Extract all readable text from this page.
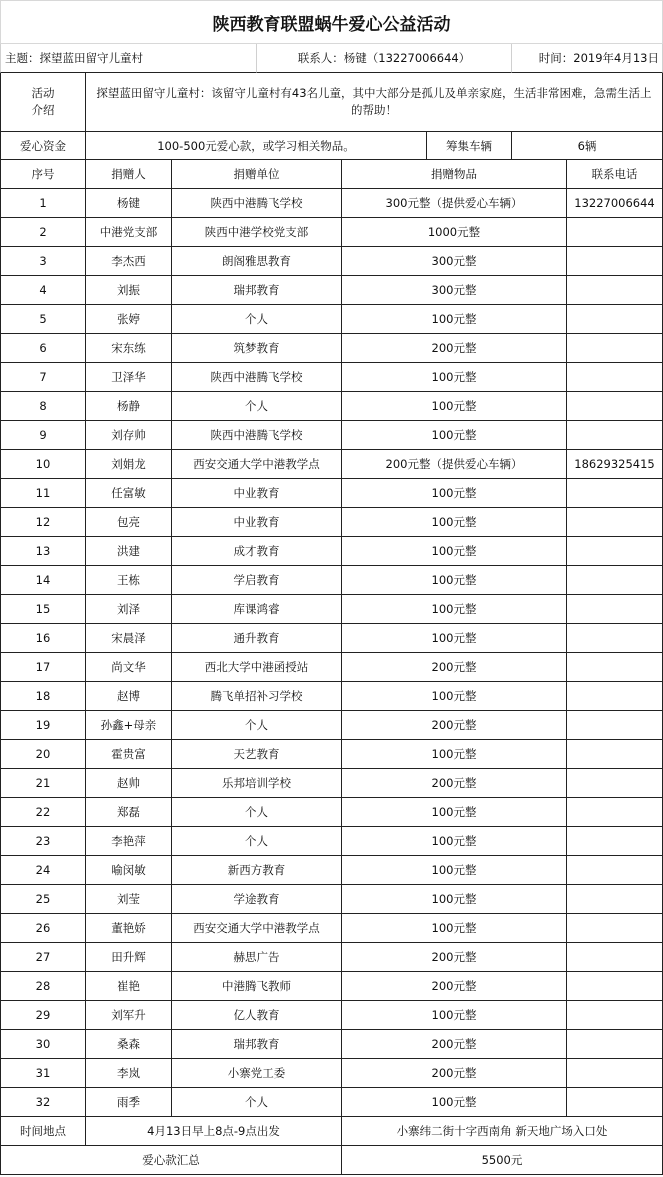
陕西教育联盟蜗牛爱心公益活动
主题：探望蓝田留守儿童村	联系人：杨键（13227006644）	时间：2019年4月13日
活动
介绍
探望蓝田留守儿童村：该留守儿童村有43名儿童，其中大部分是孤儿及单亲家庭，生活非常困难，急需生活上的帮助！
爱心资金	100-500元爱心款，或学习相关物品。	筹集车辆	6辆
序号	捐赠人	捐赠单位	捐赠物品	联系电话
1	杨键	陕西中港腾飞学校	300元整（提供爱心车辆）	13227006644
2	中港党支部	陕西中港学校党支部	1000元整
3	李杰西	朗阁雅思教育	300元整
4	刘振	瑞邦教育	300元整
5	张婷	个人	100元整
6	宋东练	筑梦教育	200元整
7	卫泽华	陕西中港腾飞学校	100元整
8	杨静	个人	100元整
9	刘存帅	陕西中港腾飞学校	100元整
10	刘娟龙	西安交通大学中港教学点	200元整（提供爱心车辆）	18629325415
11	任富敏	中业教育	100元整
12	包亮	中业教育	100元整
13	洪建	成才教育	100元整
14	王栋	学启教育	100元整
15	刘泽	库课鸿睿	100元整
16	宋晨泽	通升教育	100元整
17	尚文华	西北大学中港函授站	200元整
18	赵博	腾飞单招补习学校	100元整
19	孙鑫+母亲	个人	200元整
20	霍贵富	天艺教育	100元整
21	赵帅	乐邦培训学校	200元整
22	郑磊	个人	100元整
23	李艳萍	个人	100元整
24	喻闵敏	新西方教育	100元整
25	刘莹	学途教育	100元整
26	董艳娇	西安交通大学中港教学点	100元整
27	田升辉	赫思广告	200元整
28	崔艳	中港腾飞教师	200元整
29	刘军升	亿人教育	100元整
30	桑森	瑞邦教育	200元整
31	李岚	小寨党工委	200元整
32	雨季	个人	100元整
时间地点	4月13日早上8点-9点出发	小寨纬二街十字西南角 新天地广场入口处
爱心款汇总	5500元
